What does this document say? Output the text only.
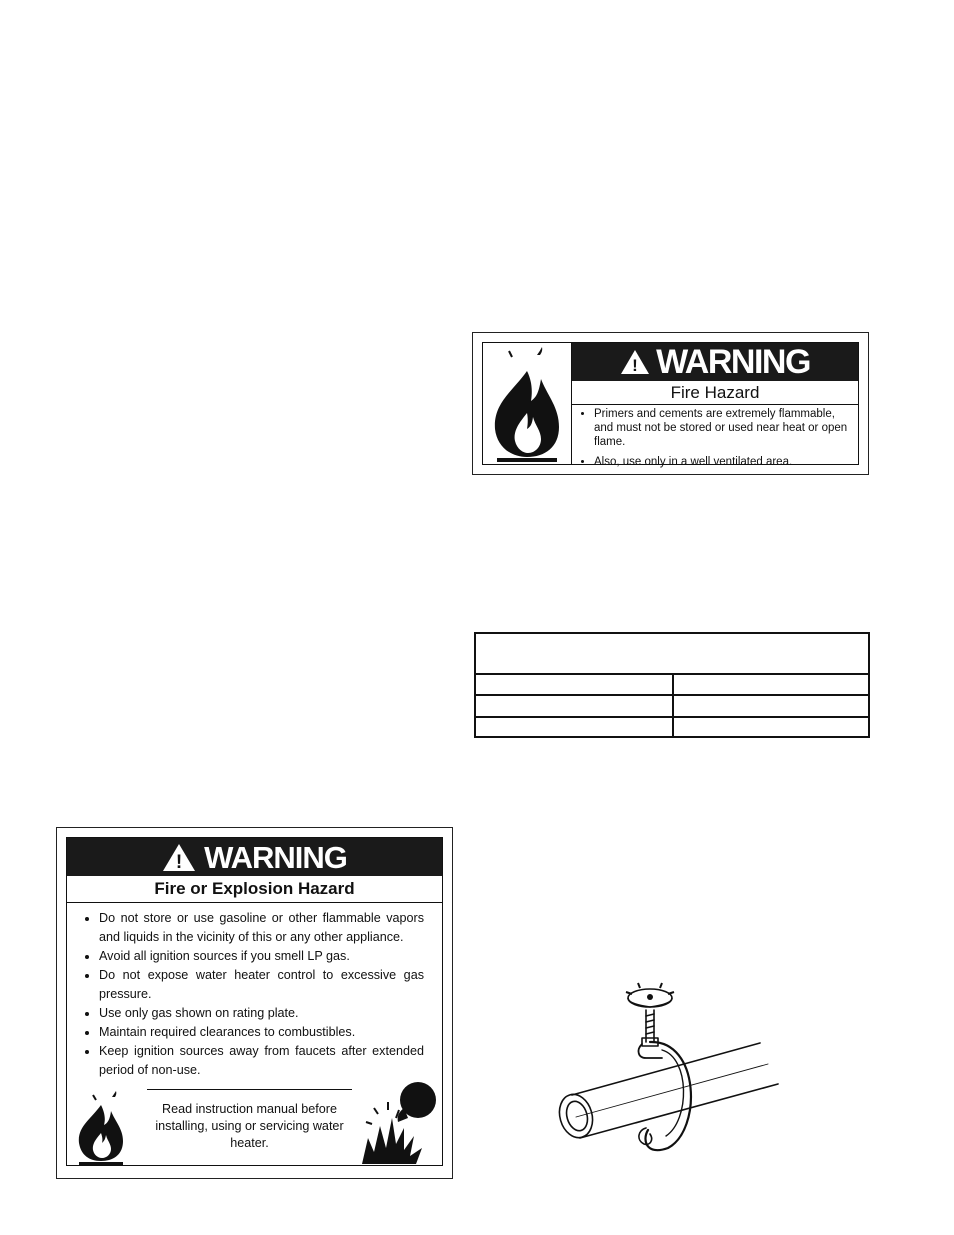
! WARNING
Fire Hazard
• Primers and cements are extremely flammable, and must not be stored or used near heat or open flame.
• Also, use only in a well ventilated area.
! WARNING
Fire or Explosion Hazard
• Do not store or use gasoline or other flammable vapors and liquids in the vicinity of this or any other appliance.
• Avoid all ignition sources if you smell LP gas.
• Do not expose water heater control to excessive gas pressure.
• Use only gas shown on rating plate.
• Maintain required clearances to combustibles.
• Keep ignition sources away from faucets after extended period of non-use.
Read instruction manual before installing, using or servicing water heater.
